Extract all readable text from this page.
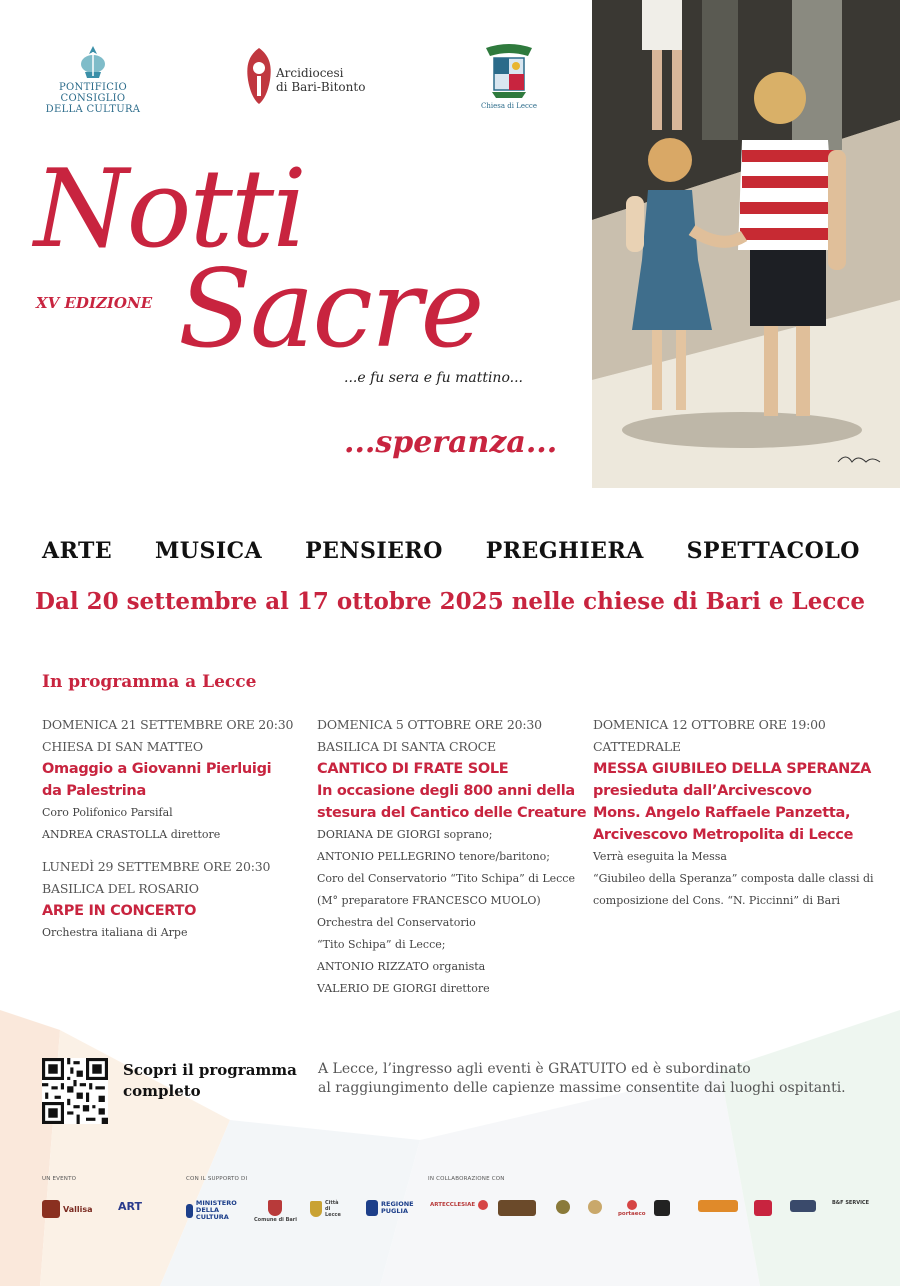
PONTIFICIO CONSIGLIO
DELLA CULTURA
Arcidiocesi
di Bari-Bitonto
Chiesa di Lecce
Notti
Sacre
XV EDIZIONE
...e fu sera e fu mattino...
...speranza...
ARTE MUSICA PENSIERO PREGHIERA SPETTACOLO
Dal 20 settembre al 17 ottobre 2025 nelle chiese di Bari e Lecce
In programma a Lecce
DOMENICA 21 SETTEMBRE ORE 20:30
CHIESA DI SAN MATTEO
Omaggio a Giovanni Pierluigi
da Palestrina
Coro Polifonico Parsifal
ANDREA CRASTOLLA direttore
LUNEDÌ 29 SETTEMBRE ORE 20:30
BASILICA DEL ROSARIO
ARPE IN CONCERTO
Orchestra italiana di Arpe
DOMENICA 5 OTTOBRE ORE 20:30
BASILICA DI SANTA CROCE
CANTICO DI FRATE SOLE
In occasione degli 800 anni della
stesura del Cantico delle Creature
DORIANA DE GIORGI soprano;
ANTONIO PELLEGRINO tenore/baritono;
Coro del Conservatorio “Tito Schipa” di Lecce
(M° preparatore FRANCESCO MUOLO)
Orchestra del Conservatorio
“Tito Schipa” di Lecce;
ANTONIO RIZZATO organista
VALERIO DE GIORGI direttore
DOMENICA 12 OTTOBRE ORE 19:00
CATTEDRALE
MESSA GIUBILEO DELLA SPERANZA
presieduta dall’Arcivescovo
Mons. Angelo Raffaele Panzetta,
Arcivescovo Metropolita di Lecce
Verrà eseguita la Messa
“Giubileo della Speranza” composta dalle classi di
composizione del Cons. “N. Piccinni” di Bari
Scopri il programma
completo
A Lecce, l’ingresso agli eventi è GRATUITO ed è subordinato
al raggiungimento delle capienze massime consentite dai luoghi ospitanti.
UN EVENTO	CON IL SUPPORTO DI	IN COLLABORAZIONE CON
Vallisa ART	MINISTERO DELLA CULTURA	Comune di Bari
Città di Lecce
REGIONE PUGLIA
ARTECCLESIAE
portaeco
B&F SERVICE
